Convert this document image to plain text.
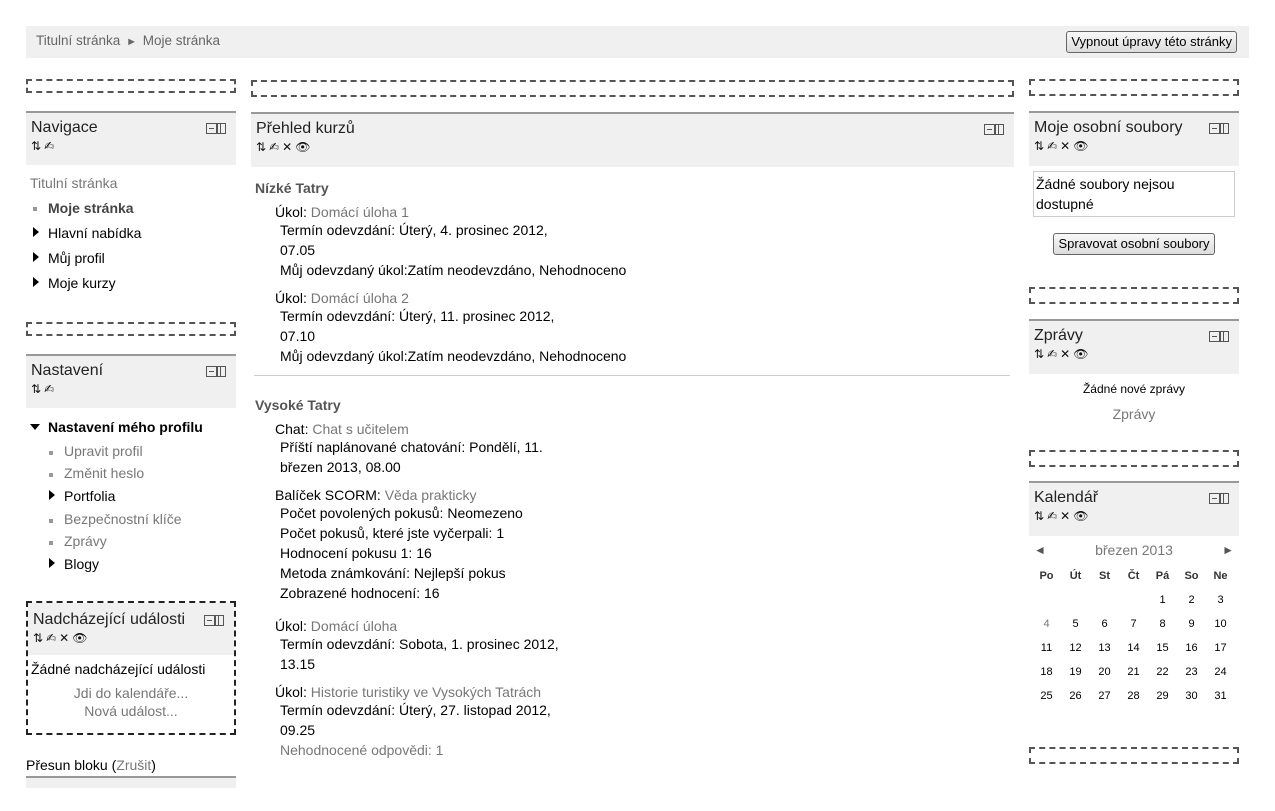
Titulní stránka ► Moje stránka	Vypnout úpravy této stránky
Navigace
⇅✍
Titulní stránka
Moje stránka
Hlavní nabídka
Můj profil
Moje kurzy
Nastavení
⇅✍
Nastavení mého profilu
Upravit profil
Změnit heslo
Portfolia
Bezpečnostní klíče
Zprávy
Blogy
Nadcházející události
⇅✍✕👁
Žádné nadcházející události
Jdi do kalendáře...
Nová událost...
Přesun bloku (Zrušit)
Přehled kurzů
⇅✍✕👁
Nízké Tatry
Úkol: Domácí úloha 1
Termín odevzdání: Úterý, 4. prosinec 2012,
07.05
Můj odevzdaný úkol:Zatím neodevzdáno, Nehodnoceno
Úkol: Domácí úloha 2
Termín odevzdání: Úterý, 11. prosinec 2012,
07.10
Můj odevzdaný úkol:Zatím neodevzdáno, Nehodnoceno
Vysoké Tatry
Chat: Chat s učitelem
Příští naplánované chatování: Pondělí, 11.
březen 2013, 08.00
Balíček SCORM: Věda prakticky
Počet povolených pokusů: Neomezeno
Počet pokusů, které jste vyčerpali: 1
Hodnocení pokusu 1: 16
Metoda známkování: Nejlepší pokus
Zobrazené hodnocení: 16
Úkol: Domácí úloha
Termín odevzdání: Sobota, 1. prosinec 2012,
13.15
Úkol: Historie turistiky ve Vysokých Tatrách
Termín odevzdání: Úterý, 27. listopad 2012,
09.25
Nehodnocené odpovědi: 1
Moje osobní soubory
⇅✍✕👁
Žádné soubory nejsou dostupné
Spravovat osobní soubory
Zprávy
⇅✍✕👁
Žádné nové zprávy
Zprávy
Kalendář
⇅✍✕👁
◄	březen 2013	►
Po	Út	St	Čt	Pá	So	Ne
				1	2	3
4	5	6	7	8	9	10
11	12	13	14	15	16	17
18	19	20	21	22	23	24
25	26	27	28	29	30	31
